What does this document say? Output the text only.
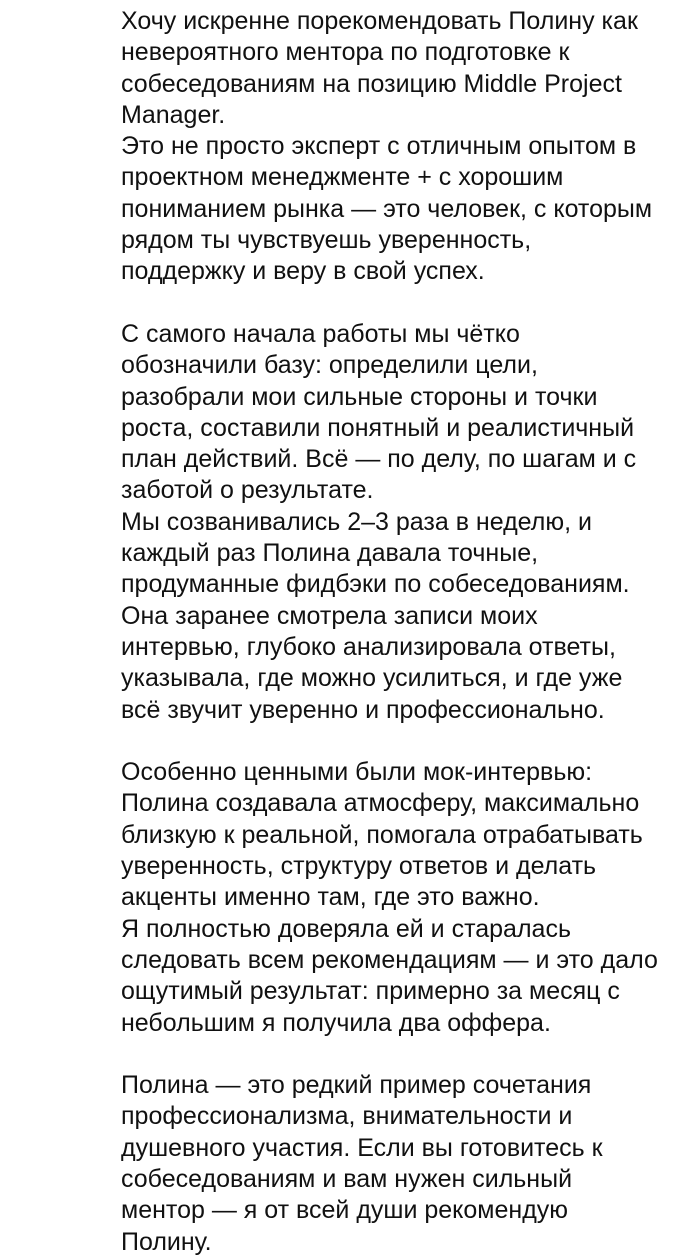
Хочу искренне порекомендовать Полину как
невероятного ментора по подготовке к
собеседованиям на позицию Middle Project
Manager.
Это не просто эксперт с отличным опытом в
проектном менеджменте + с хорошим
пониманием рынка — это человек, с которым
рядом ты чувствуешь уверенность,
поддержку и веру в свой успех.
С самого начала работы мы чётко
обозначили базу: определили цели,
разобрали мои сильные стороны и точки
роста, составили понятный и реалистичный
план действий. Всё — по делу, по шагам и с
заботой о результате.
Мы созванивались 2–3 раза в неделю, и
каждый раз Полина давала точные,
продуманные фидбэки по собеседованиям.
Она заранее смотрела записи моих
интервью, глубоко анализировала ответы,
указывала, где можно усилиться, и где уже
всё звучит уверенно и профессионально.
Особенно ценными были мок-интервью:
Полина создавала атмосферу, максимально
близкую к реальной, помогала отрабатывать
уверенность, структуру ответов и делать
акценты именно там, где это важно.
Я полностью доверяла ей и старалась
следовать всем рекомендациям — и это дало
ощутимый результат: примерно за месяц с
небольшим я получила два оффера.
Полина — это редкий пример сочетания
профессионализма, внимательности и
душевного участия. Если вы готовитесь к
собеседованиям и вам нужен сильный
ментор — я от всей души рекомендую
Полину.
